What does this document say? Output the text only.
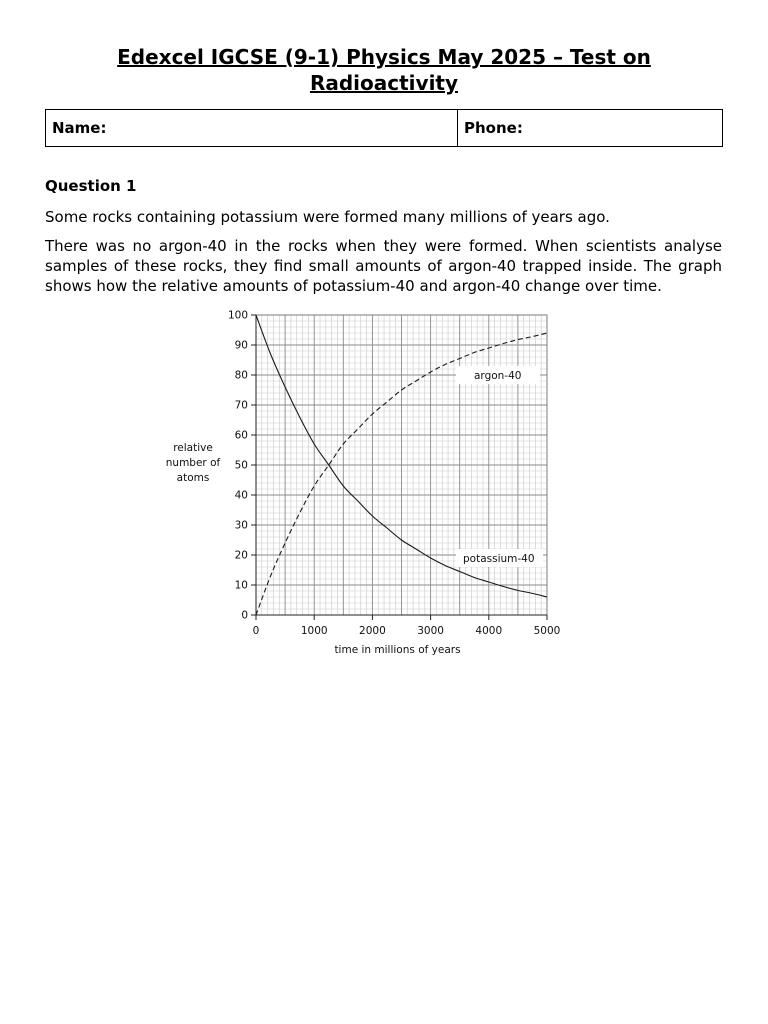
Edexcel IGCSE (9-1) Physics May 2025 – Test on Radioactivity
Name:	Phone:
Question 1

Some rocks containing potassium were formed many millions of years ago.

There was no argon-40 in the rocks when they were formed. When scientists analyse samples of these rocks, they find small amounts of argon-40 trapped inside. The graph shows how the relative amounts of potassium-40 and argon-40 change over time.

0
10
20
30
40
50
60
70
80
90
100
0	1000	2000	3000	4000	5000
relative
number of
atoms
time in millions of years
argon-40
potassium-40
